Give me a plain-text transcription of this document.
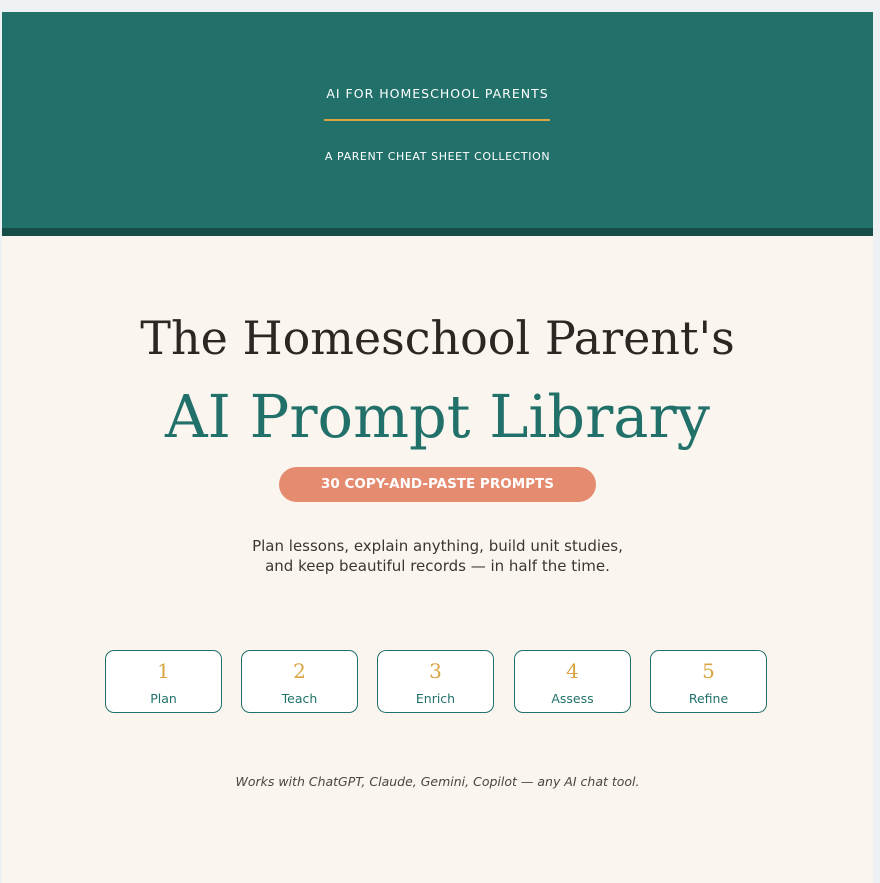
AI FOR HOMESCHOOL PARENTS
A PARENT CHEAT SHEET COLLECTION
The Homeschool Parent's
AI Prompt Library
30 COPY-AND-PASTE PROMPTS
Plan lessons, explain anything, build unit studies,
and keep beautiful records — in half the time.
1
Plan
2
Teach
3
Enrich
4
Assess
5
Refine
Works with ChatGPT, Claude, Gemini, Copilot — any AI chat tool.
